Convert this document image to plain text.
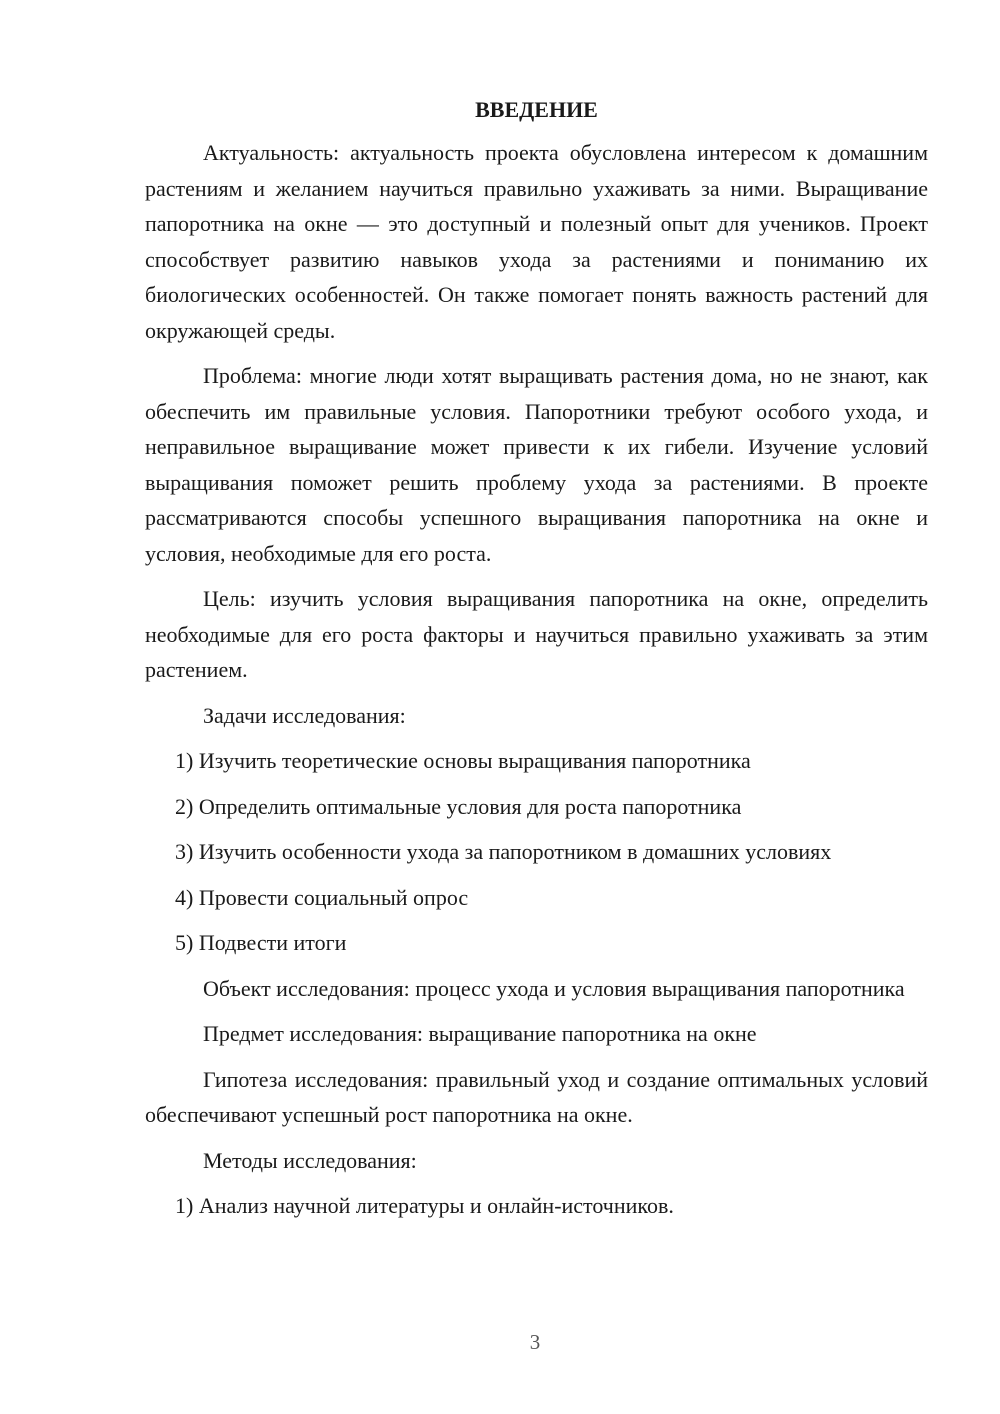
ВВЕДЕНИЕ

Актуальность: актуальность проекта обусловлена интересом к домашним растениям и желанием научиться правильно ухаживать за ними. Выращивание папоротника на окне — это доступный и полезный опыт для учеников. Проект способствует развитию навыков ухода за растениями и пониманию их биологических особенностей. Он также помогает понять важность растений для окружающей среды.

Проблема: многие люди хотят выращивать растения дома, но не знают, как обеспечить им правильные условия. Папоротники требуют особого ухода, и неправильное выращивание может привести к их гибели. Изучение условий выращивания поможет решить проблему ухода за растениями. В проекте рассматриваются способы успешного выращивания папоротника на окне и условия, необходимые для его роста.

Цель: изучить условия выращивания папоротника на окне, определить необходимые для его роста факторы и научиться правильно ухаживать за этим растением.

Задачи исследования:

1) Изучить теоретические основы выращивания папоротника
2) Определить оптимальные условия для роста папоротника
3) Изучить особенности ухода за папоротником в домашних условиях
4) Провести социальный опрос
5) Подвести итоги

Объект исследования: процесс ухода и условия выращивания папоротника

Предмет исследования: выращивание папоротника на окне

Гипотеза исследования: правильный уход и создание оптимальных условий обеспечивают успешный рост папоротника на окне.

Методы исследования:

1) Анализ научной литературы и онлайн-источников.
3
